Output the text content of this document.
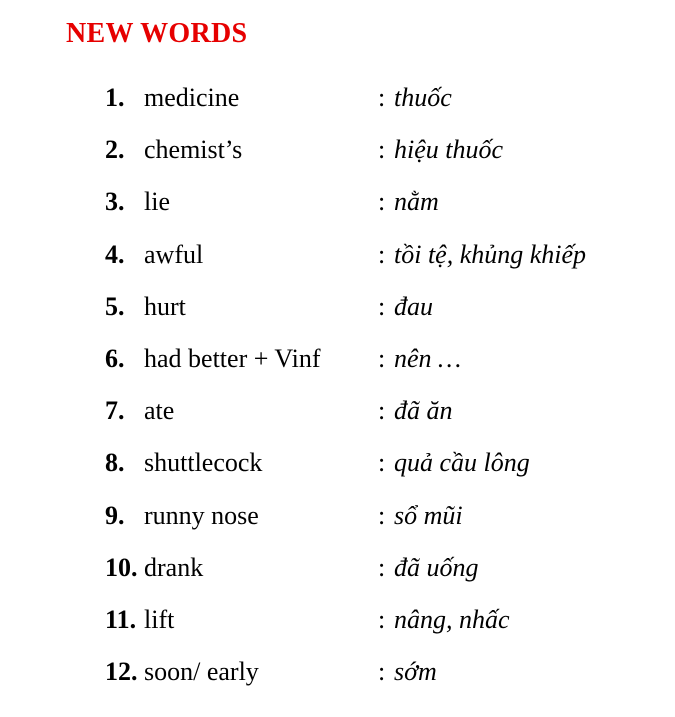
NEW WORDS
1. medicine	: thuốc
2. chemist’s	: hiệu thuốc
3. lie	: nằm
4. awful	: tồi tệ, khủng khiếp
5. hurt	: đau
6. had better + Vinf : nên …
7. ate	: đã ăn
8. shuttlecock	: quả cầu lông
9. runny nose	: sổ mũi
10. drank	: đã uống
11. lift	: nâng, nhấc
12. soon/ early	: sớm
